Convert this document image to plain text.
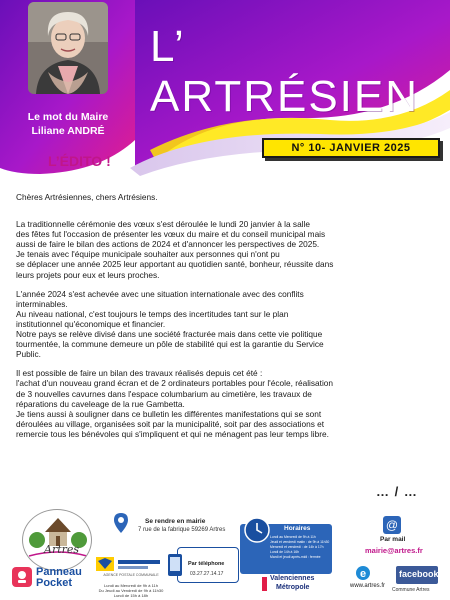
Le mot du Maire
Liliane ANDRÉ
L’ ARTRÉSIEN
N° 10- JANVIER 2025
L’ÉDITO !

Chères Artrésiennes, chers Artrésiens.

La traditionnelle cérémonie des vœux s'est déroulée le lundi 20 janvier à la salle
des fêtes fut l'occasion de présenter les vœux du maire et du conseil municipal mais
aussi de faire le bilan des actions de 2024 et d'annoncer les perspectives de 2025.
Je tenais avec l'équipe municipale souhaiter aux personnes qui n'ont pu
se déplacer une année 2025 leur apportant au quotidien santé, bonheur, réussite dans
leurs projets pour eux et leurs proches.

L'année 2024 s'est achevée avec une situation internationale avec des conflits
interminables.
Au niveau national, c'est toujours le temps des incertitudes tant sur le plan
institutionnel qu'économique et financier.
Notre pays se relève divisé dans une société fracturée mais dans cette vie politique
tourmentée, la commune demeure un pôle de stabilité qui est la garantie du Service
Public.

Il est possible de faire un bilan des travaux réalisés depuis cet été :
l'achat d'un nouveau grand écran et de 2 ordinateurs portables pour l'école, réalisation
de 3 nouvelles cavurnes dans l'espace columbarium au cimetière, les travaux de
réparations du caveleage de la rue Gambetta.
Je tiens aussi à souligner dans ce bulletin les différentes manifestations qui se sont
déroulées au village, organisées soit par la municipalité, soit par des associations et
remercie tous les bénévoles qui s'impliquent et qui ne ménagent pas leur temps libre.

… / …
Artres
Panneau
Pocket
Se rendre en mairie
7 rue de la fabrique 59269 Artres
AGENCE POSTALE COMMUNALE
Lundi au Mercredi de 9h à 11h
Du Jeudi au Vendredi de 9h à 11h30
Lundi de 15h à 18h
Par téléphone
03.27.27.14.17
Horaires
Lundi au Mercredi de 9h à 11h
Jeudi et vendredi matin : de 9h à 11h30
Mercredi et vendredi : de 14h à 17h
Lundi de 14h à 16h
Mardi et jeudi après-midi : fermée
Valenciennes
Métropole
@
Par mail
mairie@artres.fr
e
www.artres.fr
facebook
Commune Artres
